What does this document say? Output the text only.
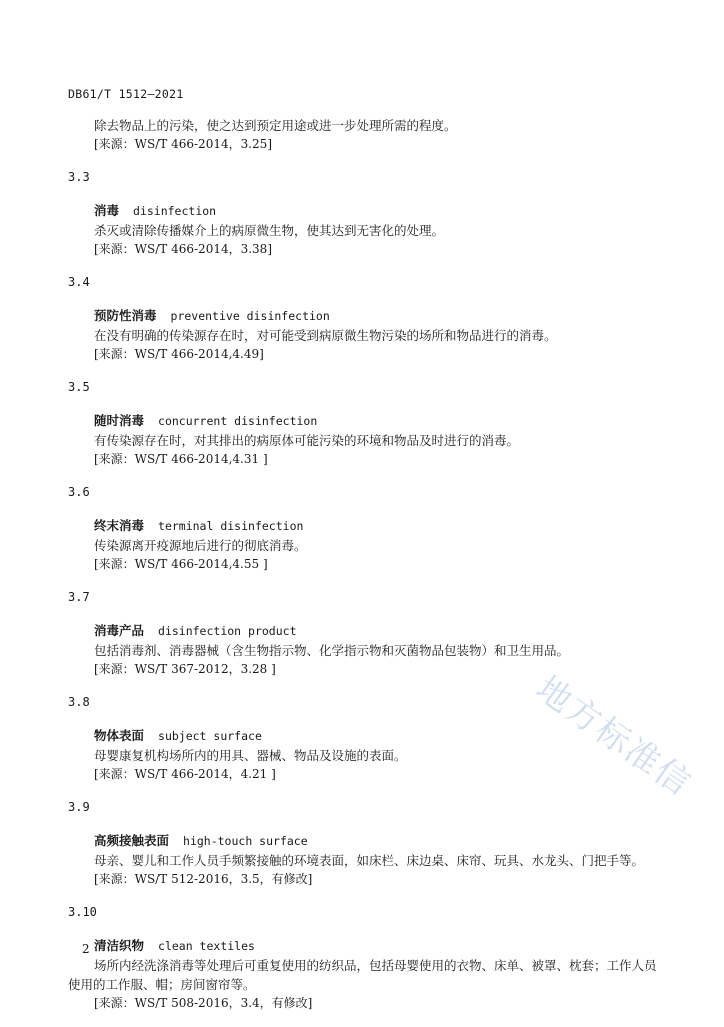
DB61/T 1512—2021

除去物品上的污染，使之达到预定用途或进一步处理所需的程度。

[来源：WS/T 466-2014，3.25]

3.3

消毒 disinfection

杀灭或清除传播媒介上的病原微生物，使其达到无害化的处理。

[来源：WS/T 466-2014，3.38]

3.4

预防性消毒 preventive disinfection

在没有明确的传染源存在时，对可能受到病原微生物污染的场所和物品进行的消毒。

[来源：WS/T 466-2014,4.49]

3.5

随时消毒 concurrent disinfection

有传染源存在时，对其排出的病原体可能污染的环境和物品及时进行的消毒。

[来源：WS/T 466-2014,4.31 ]

3.6

终末消毒 terminal disinfection

传染源离开疫源地后进行的彻底消毒。

[来源：WS/T 466-2014,4.55 ]

3.7

消毒产品 disinfection product

包括消毒剂、消毒器械（含生物指示物、化学指示物和灭菌物品包装物）和卫生用品。

[来源：WS/T 367-2012，3.28 ]

3.8

物体表面 subject surface

母婴康复机构场所内的用具、器械、物品及设施的表面。

[来源：WS/T 466-2014，4.21 ]

3.9

高频接触表面 high-touch surface

母亲、婴儿和工作人员手频繁接触的环境表面，如床栏、床边桌、床帘、玩具、水龙头、门把手等。

[来源：WS/T 512-2016，3.5，有修改]

3.10

清洁织物 clean textiles

场所内经洗涤消毒等处理后可重复使用的纺织品，包括母婴使用的衣物、床单、被罩、枕套；工作人员使用的工作服、帽；房间窗帘等。

[来源：WS/T 508-2016，3.4，有修改]

地方标准信
2
